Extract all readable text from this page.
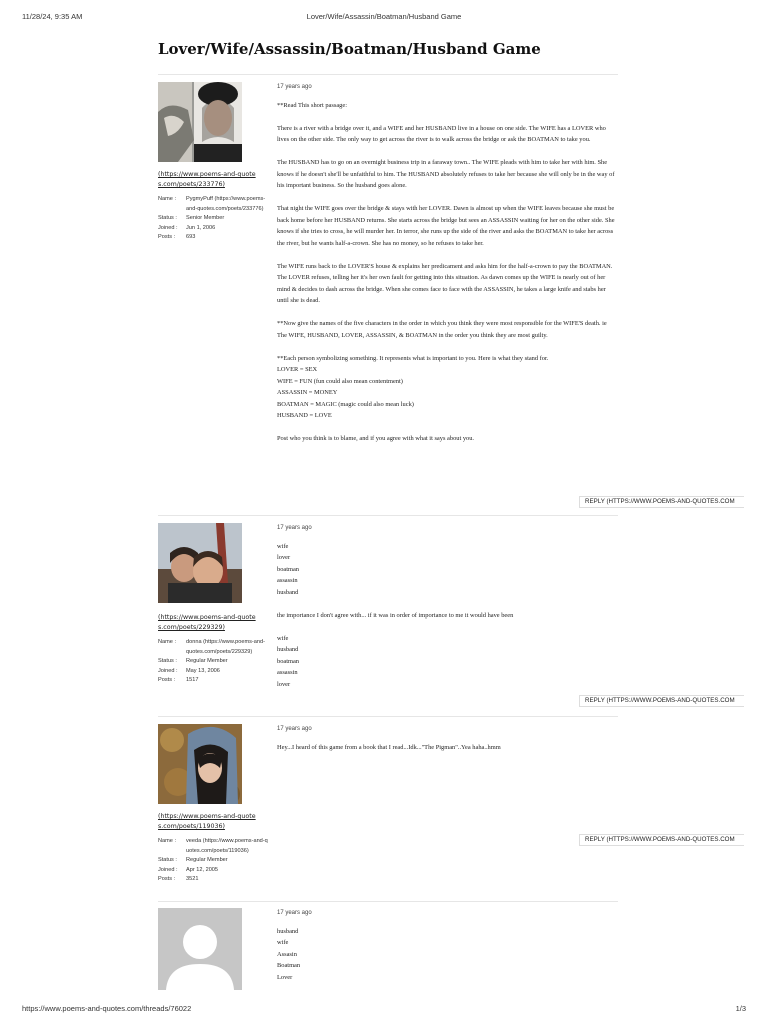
11/28/24, 9:35 AM	Lover/Wife/Assassin/Boatman/Husband Game
Lover/Wife/Assassin/Boatman/Husband Game
(https://www.poems-and-quotes.com/poets/233776)
Name :	PygmyPuff (https://www.poems-and-quotes.com/poets/233776)
Status :	Senior Member
Joined :	Jun 1, 2006
Posts :	693
17 years ago

**Read This short passage:

There is a river with a bridge over it, and a WIFE and her HUSBAND live in a house on one side. The WIFE has a LOVER who lives on the other side. The only way to get across the river is to walk across the bridge or ask the BOATMAN to take you.

The HUSBAND has to go on an overnight business trip in a faraway town.. The WIFE pleads with him to take her with him. She knows if he doesn't she'll be unfaithful to him. The HUSBAND absolutely refuses to take her because she will only be in the way of his important business. So the husband goes alone.

That night the WIFE goes over the bridge & stays with her LOVER. Dawn is almost up when the WIFE leaves because she must be back home before her HUSBAND returns. She starts across the bridge but sees an ASSASSIN waiting for her on the other side. She knows if she tries to cross, he will murder her. In terror, she runs up the side of the river and asks the BOATMAN to take her across the river, but he wants half-a-crown. She has no money, so he refuses to take her.

The WIFE runs back to the LOVER'S house & explains her predicament and asks him for the half-a-crown to pay the BOATMAN. The LOVER refuses, telling her it's her own fault for getting into this situation. As dawn comes up the WIFE is nearly out of her mind & decides to dash across the bridge. When she comes face to face with the ASSASSIN, he takes a large knife and stabs her until she is dead.

**Now give the names of the five characters in the order in which you think they were most responsible for the WIFE'S death. ie The WIFE, HUSBAND, LOVER, ASSASSIN, & BOATMAN in the order you think they are most guilty.

**Each person symbolizing something. It represents what is important to you. Here is what they stand for.
LOVER = SEX
WIFE = FUN (fun could also mean contentment)
ASSASSIN = MONEY
BOATMAN = MAGIC (magic could also mean luck)
HUSBAND = LOVE

Post who you think is to blame, and if you agree with what it says about you.

REPLY (HTTPS://WWW.POEMS-AND-QUOTES.COM
(https://www.poems-and-quotes.com/poets/229329)
Name :	donna (https://www.poems-and-quotes.com/poets/229329)
Status :	Regular Member
Joined :	May 13, 2006
Posts :	1517
17 years ago

wife
lover
boatman
assassin
husband

the importance I don't agree with... if it was in order of importance to me it would have been

wife
husband
boatman
assassin
lover

REPLY (HTTPS://WWW.POEMS-AND-QUOTES.COM
(https://www.poems-and-quotes.com/poets/119036)
Name :	veeda (https://www.poems-and-quotes.com/poets/119036)
Status :	Regular Member
Joined :	Apr 12, 2005
Posts :	3521
17 years ago

Hey...I heard of this game from a book that I read...Idk..."The Pigman"..Yea haha..hmm

REPLY (HTTPS://WWW.POEMS-AND-QUOTES.COM
17 years ago

husband
wife
Assasin
Boatman
Lover

https://www.poems-and-quotes.com/threads/76022	1/3
